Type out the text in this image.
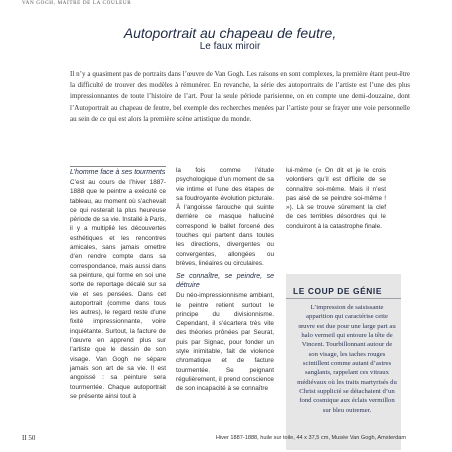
VAN GOGH, MAÎTRE DE LA COULEUR
Autoportrait au chapeau de feutre,
Le faux miroir

Il n’y a quasiment pas de portraits dans l’œuvre de Van Gogh. Les raisons en sont complexes, la première étant peut-être la difficulté de trouver des modèles à rémunérer. En revanche, la série des autoportraits de l’artiste est l’une des plus impressionnantes de toute l’histoire de l’art. Pour la seule période parisienne, on en compte une demi-douzaine, dont l’Autoportrait au chapeau de feutre, bel exemple des recherches menées par l’artiste pour se frayer une voie personnelle au sein de ce qui est alors la première scène artistique du monde.

L’homme face à ses tourments

C’est au cours de l’hiver 1887-1888 que le peintre a exécuté ce tableau, au moment où s’achevait ce qui resterait la plus heureuse période de sa vie. Installé à Paris, il y a multiplié les découvertes esthétiques et les rencontres amicales, sans jamais omettre d’en rendre compte dans sa correspondance, mais aussi dans sa peinture, qui forme en soi une sorte de reportage décalé sur sa vie et ses pensées. Dans cet autoportrait (comme dans tous les autres), le regard reste d’une fixité impressionnante, voire inquiétante. Surtout, la facture de l’œuvre en apprend plus sur l’artiste que le dessin de son visage. Van Gogh ne sépare jamais son art de sa vie. Il est angoissé : sa peinture sera tourmentée. Chaque autoportrait se présente ainsi tout à

la fois comme l’étude psychologique d’un moment de sa vie intime et l’une des étapes de sa foudroyante évolution picturale. À l’angoisse farouche qui suinte derrière ce masque halluciné correspond le ballet forcené des touches qui partent dans toutes les directions, divergentes ou convergentes, allongées ou brèves, linéaires ou circulaires.

Se connaître, se peindre, se détruire

Du néo-impressionnisme ambiant, le peintre retient surtout le principe du divisionnisme. Cependant, il s’écartera très vite des théories prônées par Seurat, puis par Signac, pour fonder un style inimitable, fait de violence chromatique et de facture tourmentée. Se peignant régulièrement, il prend conscience de son incapacité à se connaître

lui-même (« On dit et je le crois volontiers qu’il est difficile de se connaître soi-même. Mais il n’est pas aisé de se peindre soi-même ! »). Là se trouve sûrement la clef de ces terribles désordres qui le conduiront à la catastrophe finale.

LE COUP DE GÉNIE

L’impression de saisissante apparition qui caractérise cette œuvre est due pour une large part au halo vermeil qui entoure la tête de Vincent. Tourbillonnant autour de son visage, les taches rouges scintillent comme autant d’astres sanglants, rappelant ces vitraux médiévaux où les traits martyrisés du Christ supplicié se détachaient d’un fond cosmique aux éclats vermillon sur bleu outremer.

II 50	Hiver 1887-1888, huile sur toile, 44 x 37,5 cm, Musée Van Gogh, Amsterdam
